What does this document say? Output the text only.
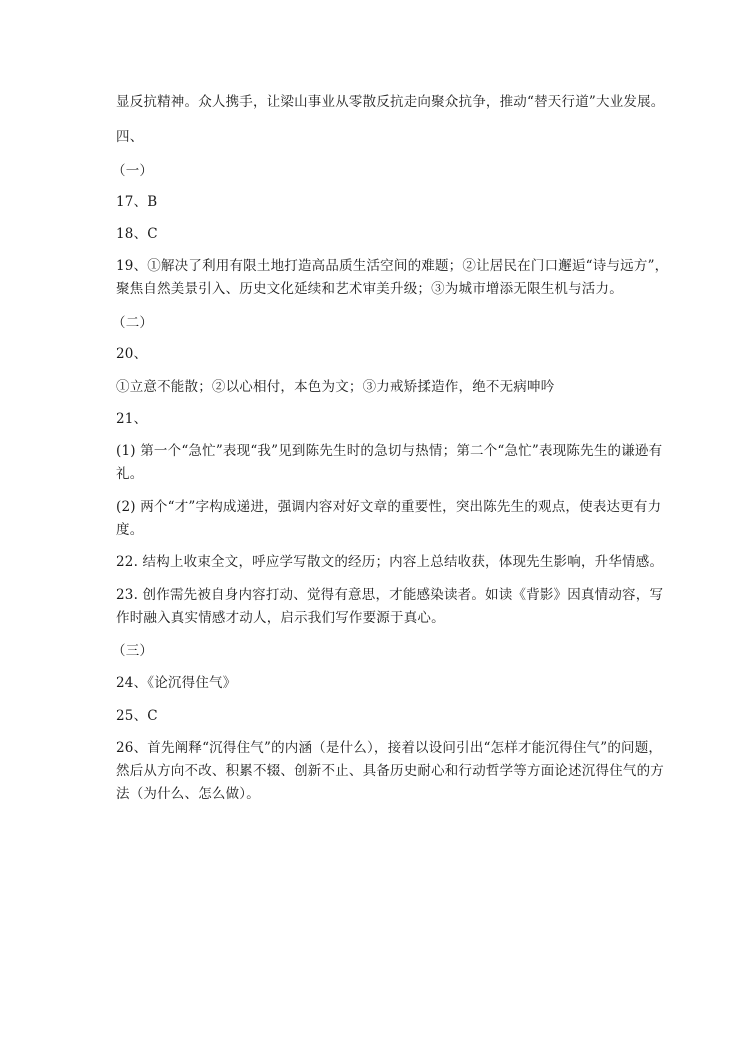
显反抗精神。众人携手，让梁山事业从零散反抗走向聚众抗争，推动“替天行道”大业发展。
四、
（一）
17、B
18、C
19、①解决了利用有限土地打造高品质生活空间的难题；②让居民在门口邂逅“诗与远方”，
聚焦自然美景引入、历史文化延续和艺术审美升级；③为城市增添无限生机与活力。
（二）
20、
①立意不能散；②以心相付，本色为文；③力戒矫揉造作，绝不无病呻吟
21、
(1) 第一个“急忙”表现“我”见到陈先生时的急切与热情；第二个“急忙”表现陈先生的谦逊有
礼。
(2) 两个“才”字构成递进，强调内容对好文章的重要性，突出陈先生的观点，使表达更有力
度。
22. 结构上收束全文，呼应学写散文的经历；内容上总结收获，体现先生影响，升华情感。
23. 创作需先被自身内容打动、觉得有意思，才能感染读者。如读《背影》因真情动容，写
作时融入真实情感才动人，启示我们写作要源于真心。
（三）
24、《论沉得住气》
25、C
26、首先阐释“沉得住气”的内涵（是什么），接着以设问引出“怎样才能沉得住气”的问题，
然后从方向不改、积累不辍、创新不止、具备历史耐心和行动哲学等方面论述沉得住气的方
法（为什么、怎么做）。
